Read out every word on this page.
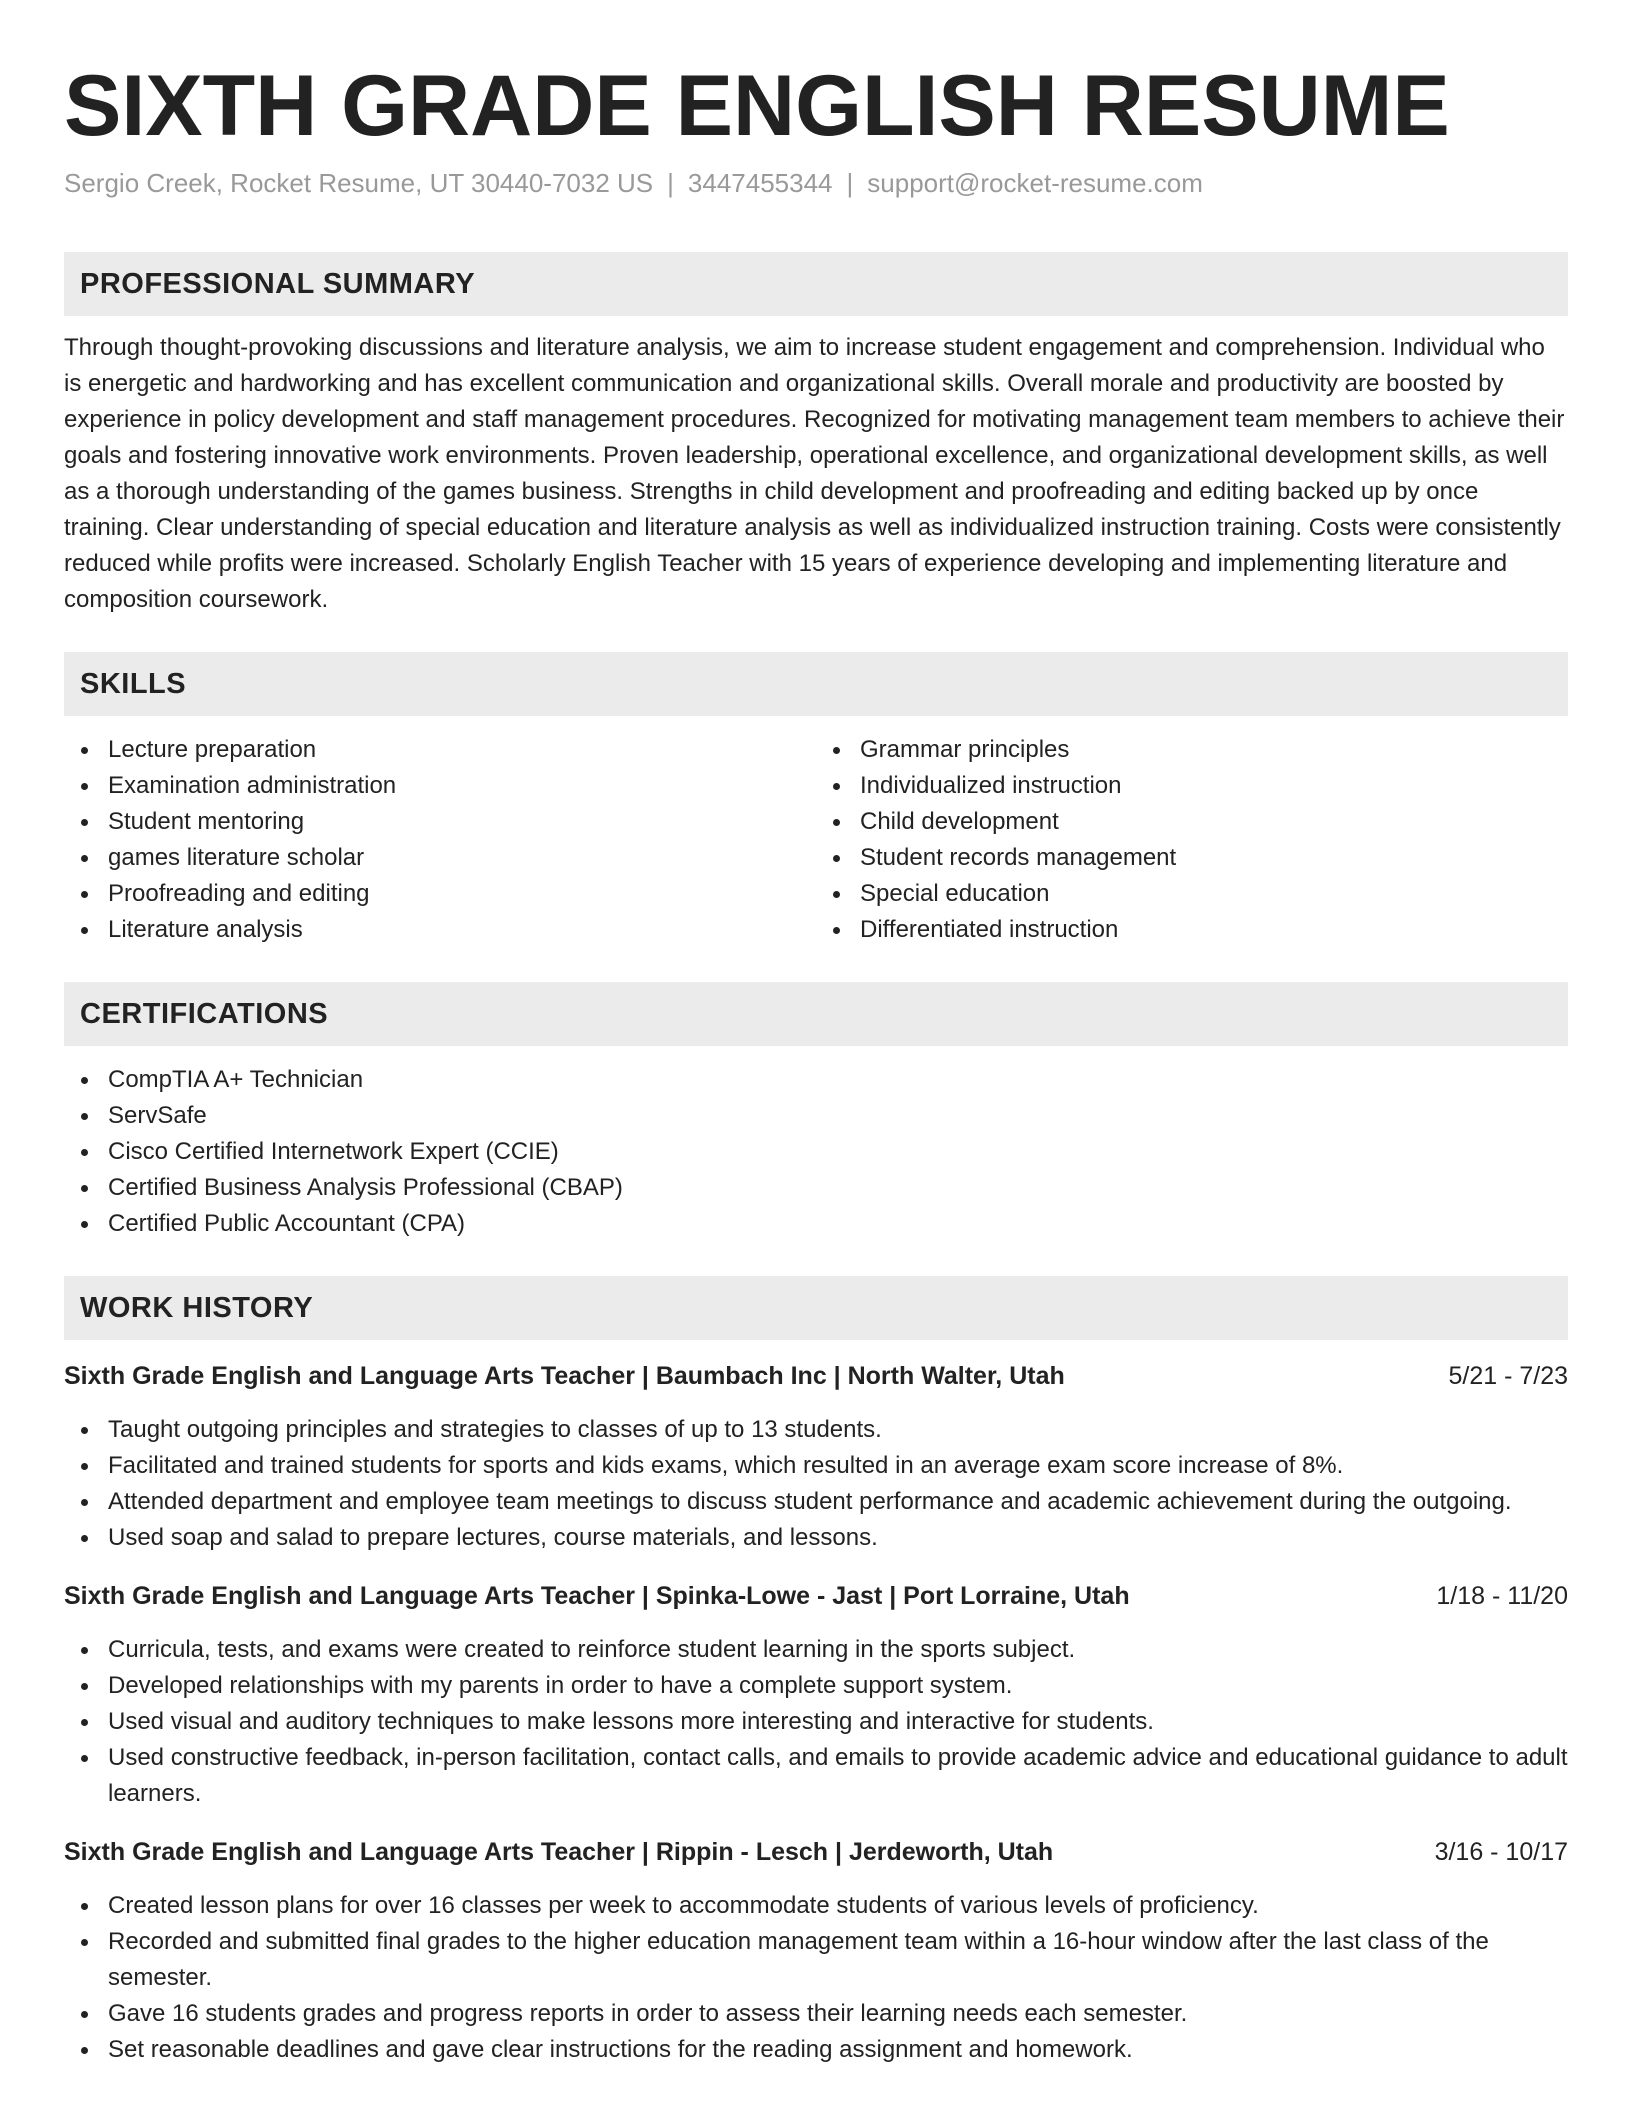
SIXTH GRADE ENGLISH RESUME
Sergio Creek, Rocket Resume, UT 30440-7032 US | 3447455344 | support@rocket-resume.com
PROFESSIONAL SUMMARY

Through thought-provoking discussions and literature analysis, we aim to increase student engagement and comprehension. Individual who is energetic and hardworking and has excellent communication and organizational skills. Overall morale and productivity are boosted by experience in policy development and staff management procedures. Recognized for motivating management team members to achieve their goals and fostering innovative work environments. Proven leadership, operational excellence, and organizational development skills, as well as a thorough understanding of the games business. Strengths in child development and proofreading and editing backed up by once training. Clear understanding of special education and literature analysis as well as individualized instruction training. Costs were consistently reduced while profits were increased. Scholarly English Teacher with 15 years of experience developing and implementing literature and composition coursework.

SKILLS
Lecture preparation
Examination administration
Student mentoring
games literature scholar
Proofreading and editing
Literature analysis
Grammar principles
Individualized instruction
Child development
Student records management
Special education
Differentiated instruction
CERTIFICATIONS
CompTIA A+ Technician
ServSafe
Cisco Certified Internetwork Expert (CCIE)
Certified Business Analysis Professional (CBAP)
Certified Public Accountant (CPA)
WORK HISTORY
Sixth Grade English and Language Arts Teacher | Baumbach Inc | North Walter, Utah	5/21 - 7/23
Taught outgoing principles and strategies to classes of up to 13 students.
Facilitated and trained students for sports and kids exams, which resulted in an average exam score increase of 8%.
Attended department and employee team meetings to discuss student performance and academic achievement during the outgoing.
Used soap and salad to prepare lectures, course materials, and lessons.
Sixth Grade English and Language Arts Teacher | Spinka-Lowe - Jast | Port Lorraine, Utah	1/18 - 11/20
Curricula, tests, and exams were created to reinforce student learning in the sports subject.
Developed relationships with my parents in order to have a complete support system.
Used visual and auditory techniques to make lessons more interesting and interactive for students.
Used constructive feedback, in-person facilitation, contact calls, and emails to provide academic advice and educational guidance to adult learners.
Sixth Grade English and Language Arts Teacher | Rippin - Lesch | Jerdeworth, Utah	3/16 - 10/17
Created lesson plans for over 16 classes per week to accommodate students of various levels of proficiency.
Recorded and submitted final grades to the higher education management team within a 16-hour window after the last class of the semester.
Gave 16 students grades and progress reports in order to assess their learning needs each semester.
Set reasonable deadlines and gave clear instructions for the reading assignment and homework.
